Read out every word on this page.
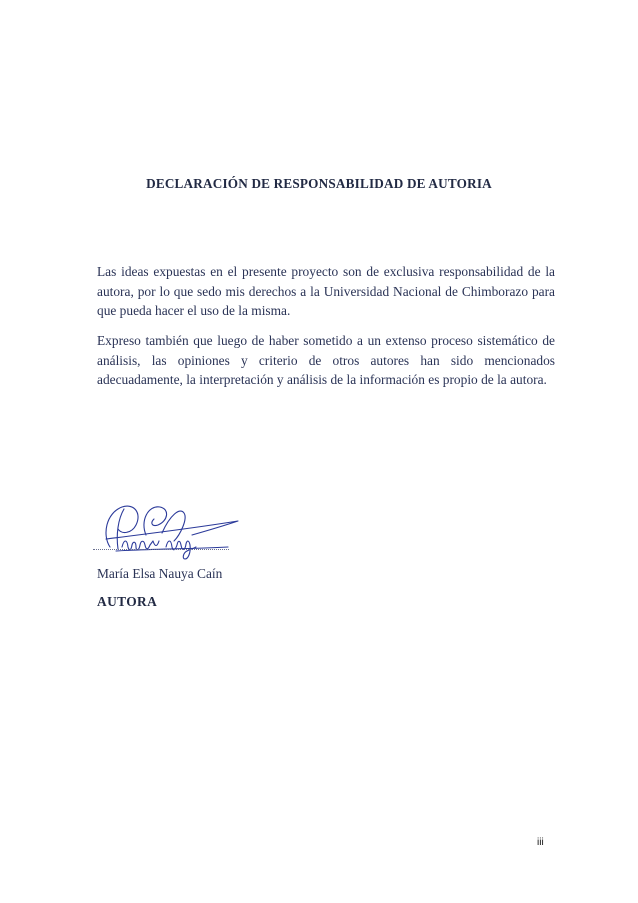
DECLARACIÓN DE RESPONSABILIDAD DE AUTORIA

Las ideas expuestas en el presente proyecto son de exclusiva responsabilidad de la autora, por lo que sedo mis derechos a la Universidad Nacional de Chimborazo para que pueda hacer el uso de la misma.

Expreso también que luego de haber sometido a un extenso proceso sistemático de análisis, las opiniones y criterio de otros autores han sido mencionados adecuadamente, la interpretación y análisis de la información es propio de la autora.

María Elsa Nauya Caín
AUTORA
iii
